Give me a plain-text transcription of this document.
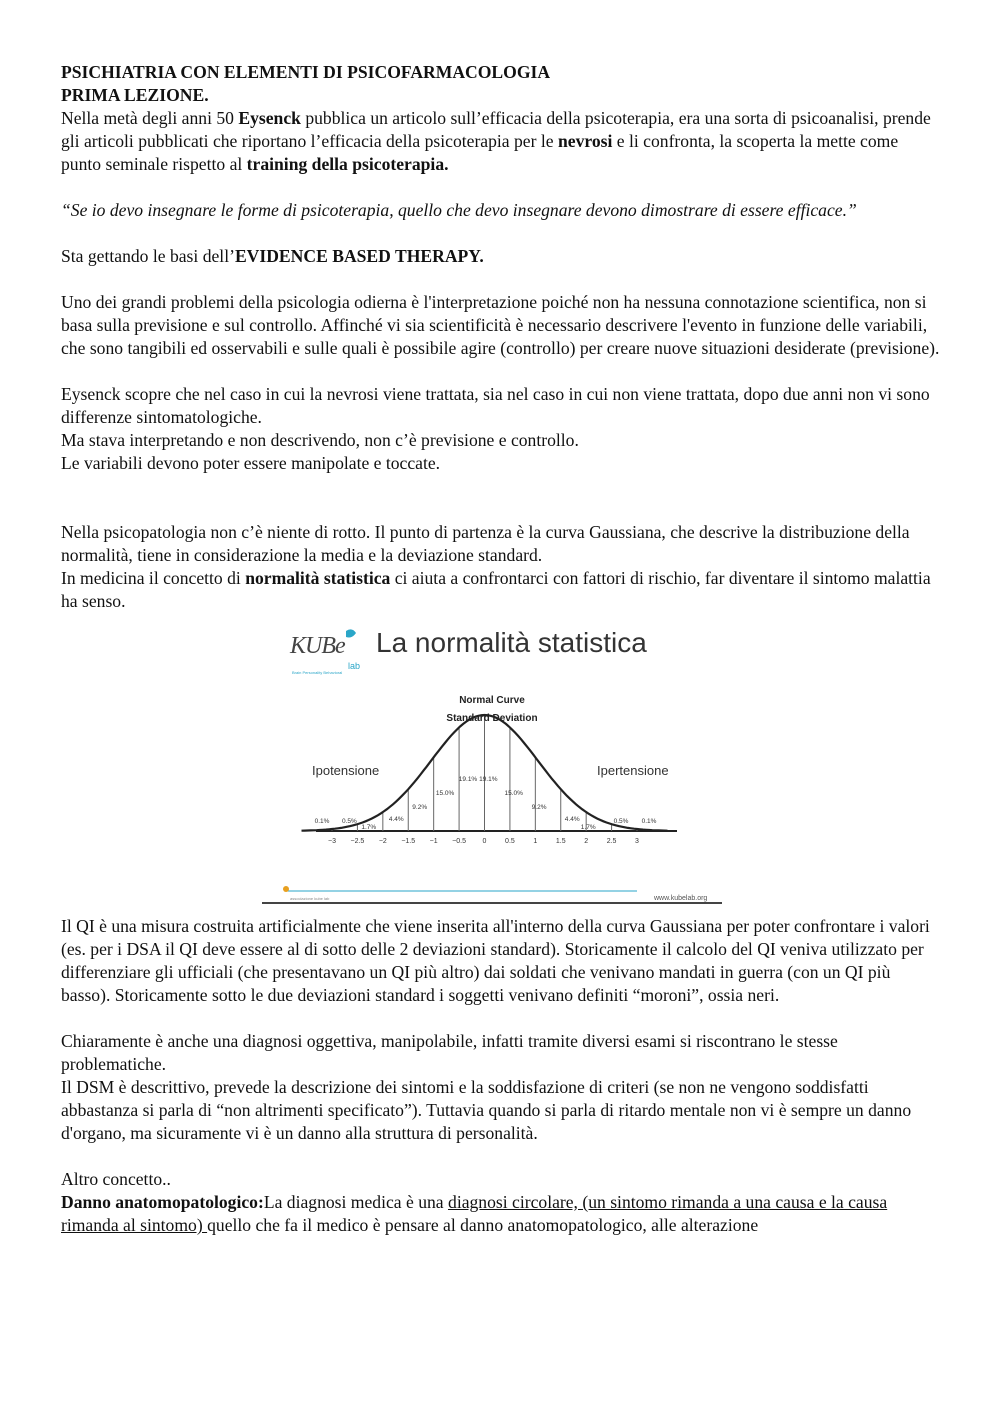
PSICHIATRIA CON ELEMENTI DI PSICOFARMACOLOGIA

PRIMA LEZIONE.

Nella metà degli anni 50 Eysenck pubblica un articolo sull’efficacia della psicoterapia, era una sorta di psicoanalisi, prende gli articoli pubblicati che riportano l’efficacia della psicoterapia per le nevrosi e li confronta, la scoperta la mette come punto seminale rispetto al training della psicoterapia.

“Se io devo insegnare le forme di psicoterapia, quello che devo insegnare devono dimostrare di essere efficace.”

Sta gettando le basi dell’EVIDENCE BASED THERAPY.

Uno dei grandi problemi della psicologia odierna è l'interpretazione poiché non ha nessuna connotazione scientifica, non si basa sulla previsione e sul controllo. Affinché vi sia scientificità è necessario descrivere l'evento in funzione delle variabili, che sono tangibili ed osservabili e sulle quali è possibile agire (controllo) per creare nuove situazioni desiderate (previsione).

Eysenck scopre che nel caso in cui la nevrosi viene trattata, sia nel caso in cui non viene trattata, dopo due anni non vi sono differenze sintomatologiche.

Ma stava interpretando e non descrivendo, non c’è previsione e controllo.

Le variabili devono poter essere manipolate e toccate.

Nella psicopatologia non c’è niente di rotto. Il punto di partenza è la curva Gaussiana, che descrive la distribuzione della normalità, tiene in considerazione la media e la deviazione standard.

In medicina il concetto di normalità statistica ci aiuta a confrontarci con fattori di rischio, far diventare il sintomo malattia ha senso.

−3 −2.5 −2 −1.5 −1 −0.5 0	0.5	1	1.5	2	2.5	3
0.1% 0.5%
1.7%
4.4%
9.2%
15.0%
19.1% 19.1%
15.0%
9.2%
4.4%
1.7%
0.5% 0.1%
KUBe
lab
Brain Personality Behavioral
La normalità statistica
Normal Curve
Standard Deviation
Ipotensione	Ipertensione
associazione kube lab	www.kubelab.org

Il QI è una misura costruita artificialmente che viene inserita all'interno della curva Gaussiana per poter confrontare i valori (es. per i DSA il QI deve essere al di sotto delle 2 deviazioni standard). Storicamente il calcolo del QI veniva utilizzato per differenziare gli ufficiali (che presentavano un QI più altro) dai soldati che venivano mandati in guerra (con un QI più basso). Storicamente sotto le due deviazioni standard i soggetti venivano definiti “moroni”, ossia neri.

Chiaramente è anche una diagnosi oggettiva, manipolabile, infatti tramite diversi esami si riscontrano le stesse problematiche.

Il DSM è descrittivo, prevede la descrizione dei sintomi e la soddisfazione di criteri (se non ne vengono soddisfatti abbastanza si parla di “non altrimenti specificato”). Tuttavia quando si parla di ritardo mentale non vi è sempre un danno d'organo, ma sicuramente vi è un danno alla struttura di personalità.

Altro concetto..

Danno anatomopatologico:La diagnosi medica è una diagnosi circolare, (un sintomo rimanda a una causa e la causa rimanda al sintomo) quello che fa il medico è pensare al danno anatomopatologico, alle alterazione
